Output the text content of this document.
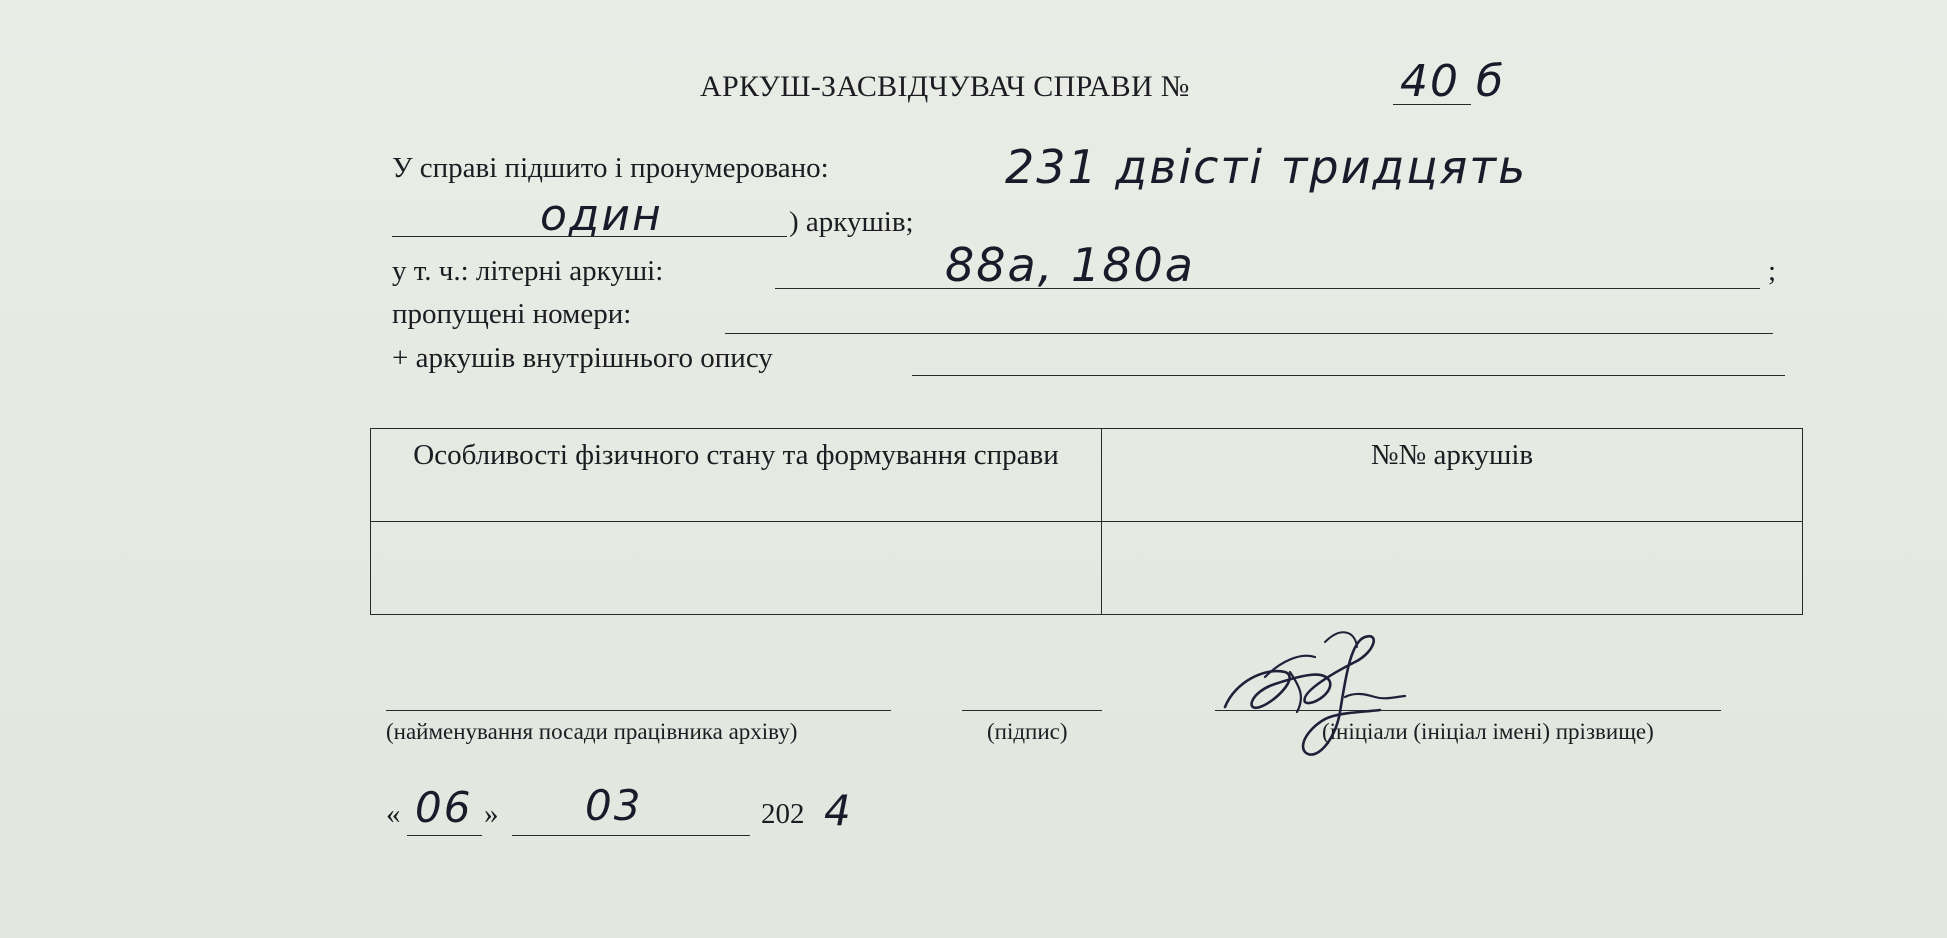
АРКУШ-ЗАСВІДЧУВАЧ СПРАВИ №	40 б
У справі підшито і пронумеровано:	231 двісті тридцять
один	) аркушів;
у т. ч.: літерні аркуші:	88а, 180а	;
пропущені номери:
+ аркушів внутрішнього опису
Особливості фізичного стану та формування справи	№№ аркушів

(найменування посади працівника архіву)	(підпис)	(ініціали (ініціал імені) прізвище)
« 06 » 03	202 4
